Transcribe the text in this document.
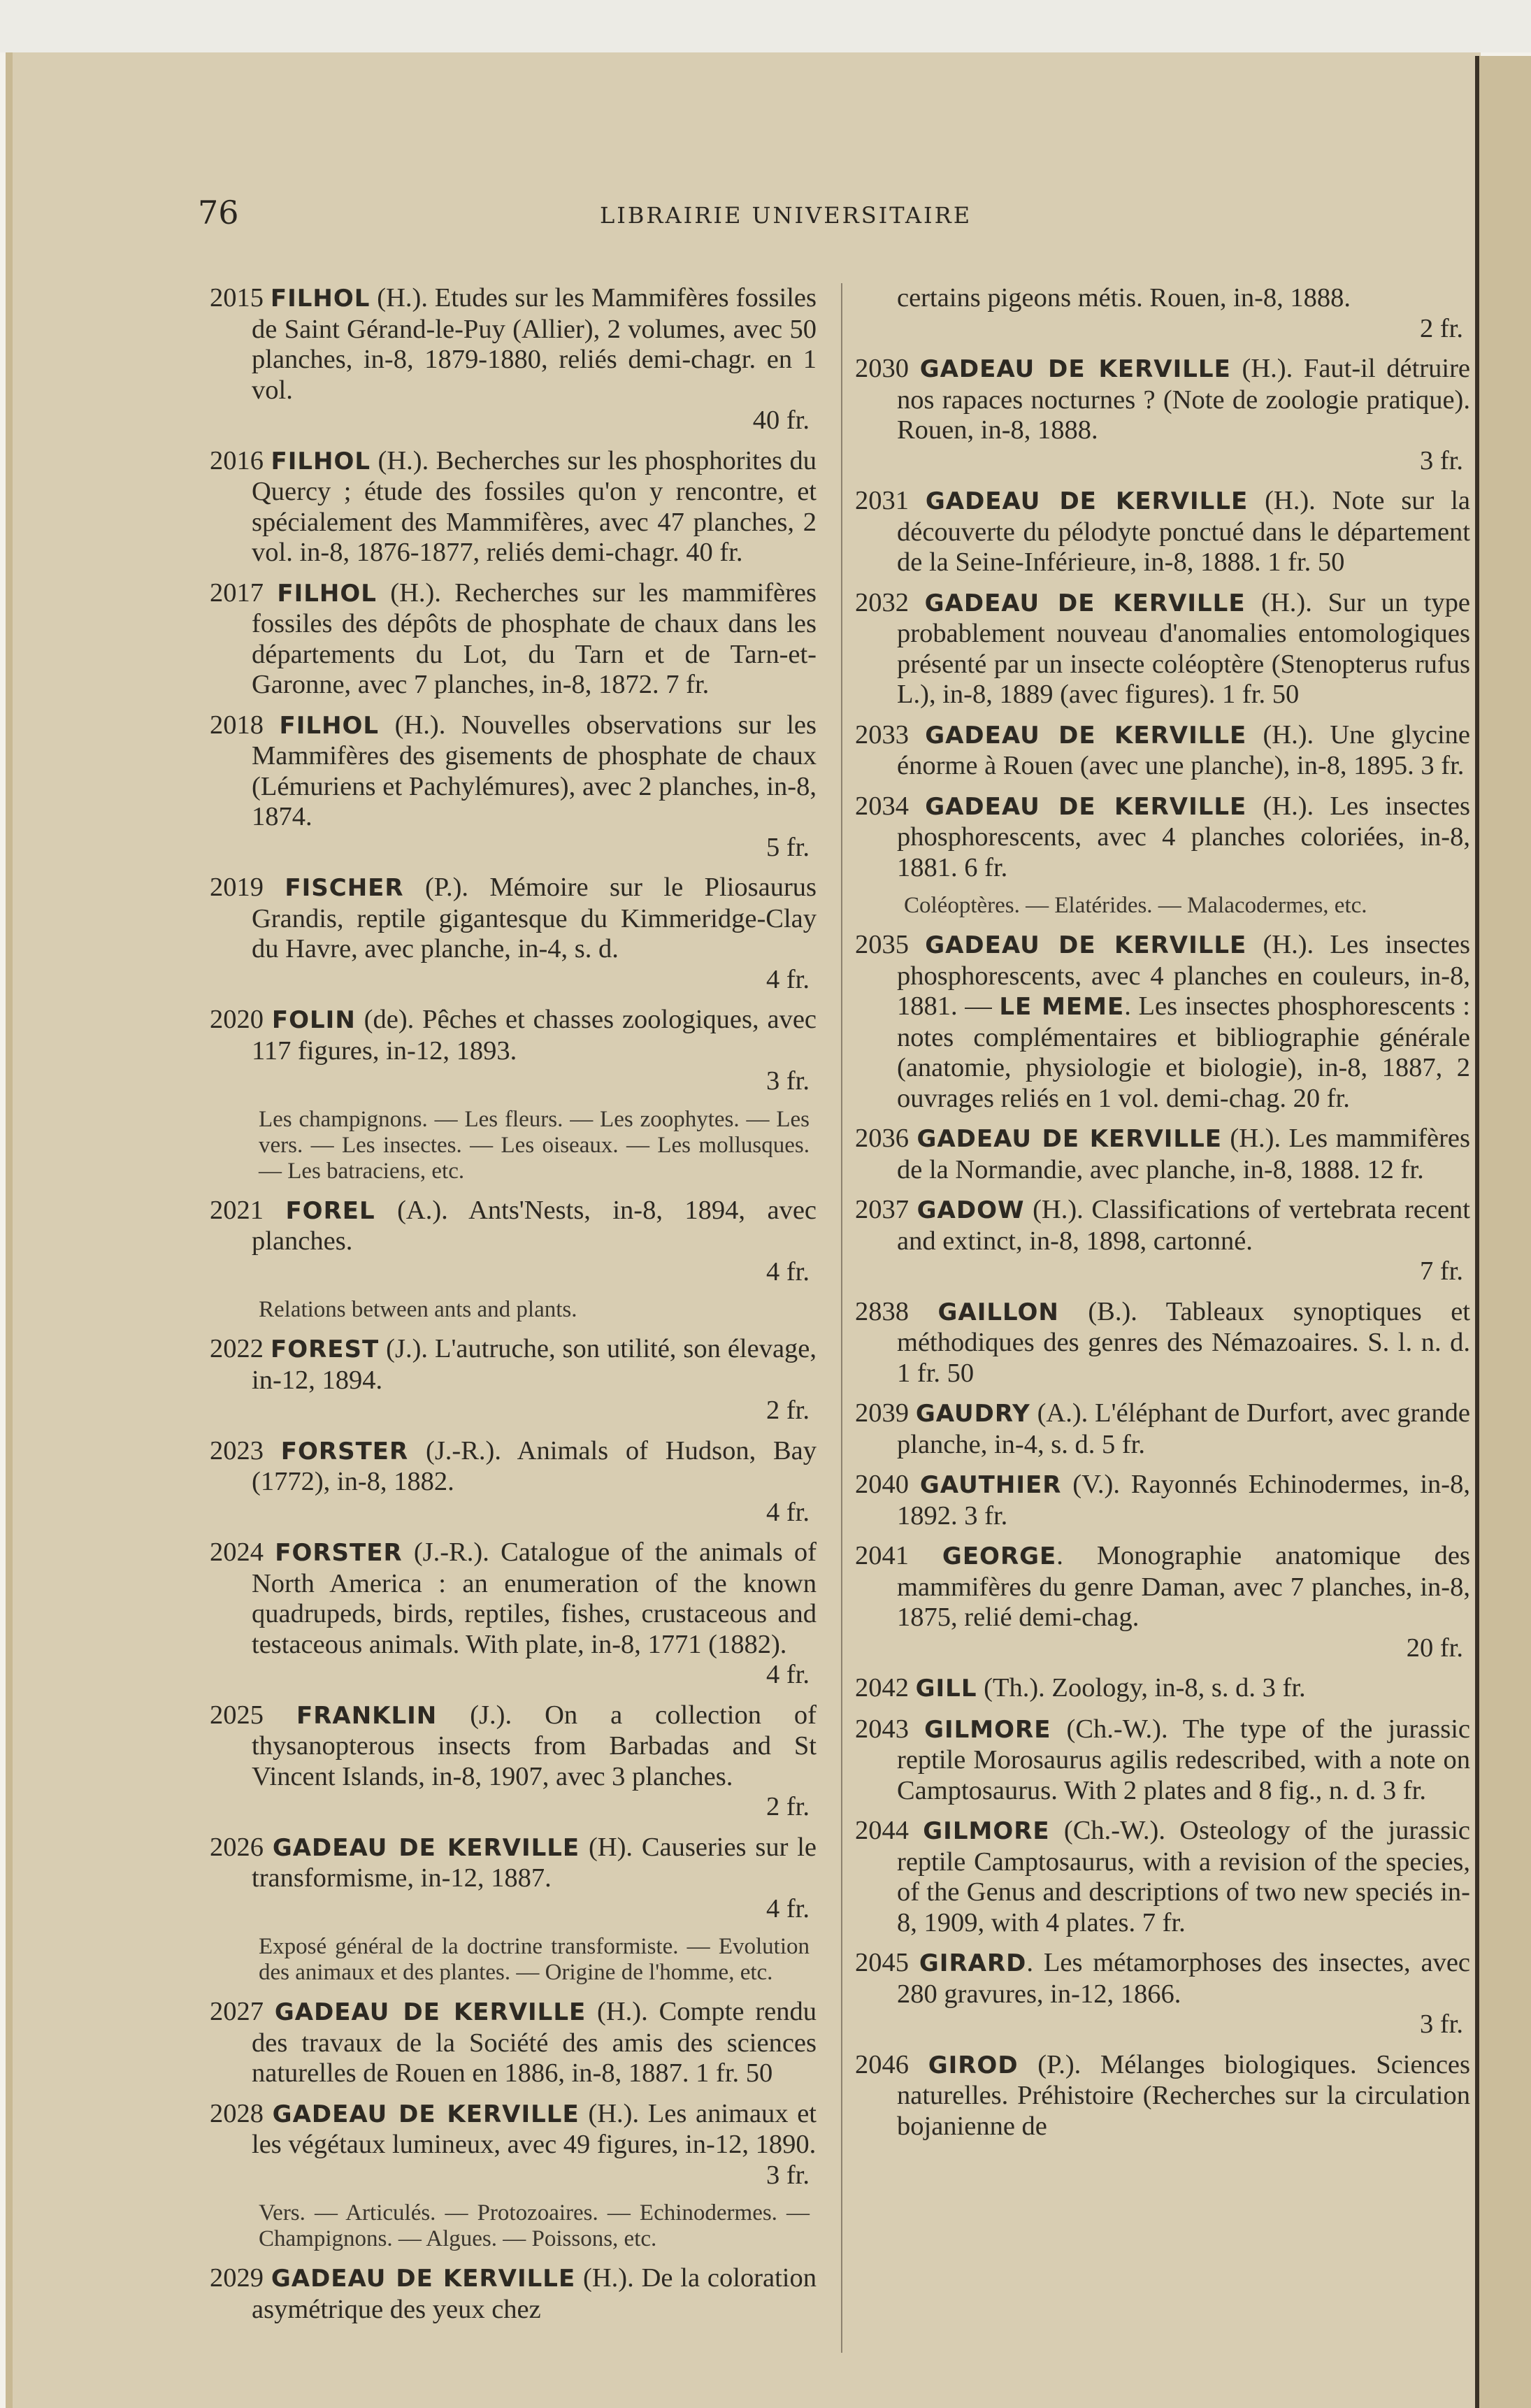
76	LIBRAIRIE UNIVERSITAIRE

2015 FILHOL (H.). Etudes sur les Mammifères fossiles de Saint Gérand-le-Puy (Allier), 2 volumes, avec 50 planches, in-8, 1879-1880, reliés demi-chagr. en 1 vol.
40 fr.

2016 FILHOL (H.). Becherches sur les phosphorites du Quercy ; étude des fossiles qu'on y rencontre, et spécialement des Mammifères, avec 47 planches, 2 vol. in-8, 1876-1877, reliés demi-chagr. 40 fr.

2017 FILHOL (H.). Recherches sur les mammifères fossiles des dépôts de phosphate de chaux dans les départements du Lot, du Tarn et de Tarn-et-Garonne, avec 7 planches, in-8, 1872. 7 fr.

2018 FILHOL (H.). Nouvelles observations sur les Mammifères des gisements de phosphate de chaux (Lémuriens et Pachylémures), avec 2 planches, in-8, 1874.
5 fr.

2019 FISCHER (P.). Mémoire sur le Pliosaurus Grandis, reptile gigantesque du Kimmeridge-Clay du Havre, avec planche, in-4, s. d.
4 fr.

2020 FOLIN (de). Pêches et chasses zoologiques, avec 117 figures, in-12, 1893.
3 fr.

Les champignons. — Les fleurs. — Les zoophytes. — Les vers. — Les insectes. — Les oiseaux. — Les mollusques. — Les batraciens, etc.

2021 FOREL (A.). Ants'Nests, in-8, 1894, avec planches.
4 fr.

Relations between ants and plants.

2022 FOREST (J.). L'autruche, son utilité, son élevage, in-12, 1894.
2 fr.

2023 FORSTER (J.-R.). Animals of Hudson, Bay (1772), in-8, 1882.
4 fr.

2024 FORSTER (J.-R.). Catalogue of the animals of North America : an enumeration of the known quadrupeds, birds, reptiles, fishes, crustaceous and testaceous animals. With plate, in-8, 1771 (1882).
4 fr.

2025 FRANKLIN (J.). On a collection of thysanopterous insects from Barbadas and St Vincent Islands, in-8, 1907, avec 3 planches.
2 fr.

2026 GADEAU DE KERVILLE (H). Causeries sur le transformisme, in-12, 1887.
4 fr.

Exposé général de la doctrine transformiste. — Evolution des animaux et des plantes. — Origine de l'homme, etc.

2027 GADEAU DE KERVILLE (H.). Compte rendu des travaux de la Société des amis des sciences naturelles de Rouen en 1886, in-8, 1887. 1 fr. 50

2028 GADEAU DE KERVILLE (H.). Les animaux et les végétaux lumineux, avec 49 figures, in-12, 1890.
3 fr.

Vers. — Articulés. — Protozoaires. — Echinodermes. — Champignons. — Algues. — Poissons, etc.

2029 GADEAU DE KERVILLE (H.). De la coloration asymétrique des yeux chez

certains pigeons métis. Rouen, in-8, 1888.
2 fr.

2030 GADEAU DE KERVILLE (H.). Faut-il détruire nos rapaces nocturnes ? (Note de zoologie pratique). Rouen, in-8, 1888.
3 fr.

2031 GADEAU DE KERVILLE (H.). Note sur la découverte du pélodyte ponctué dans le département de la Seine-Inférieure, in-8, 1888. 1 fr. 50

2032 GADEAU DE KERVILLE (H.). Sur un type probablement nouveau d'anomalies entomologiques présenté par un insecte coléoptère (Stenopterus rufus L.), in-8, 1889 (avec figures). 1 fr. 50

2033 GADEAU DE KERVILLE (H.). Une glycine énorme à Rouen (avec une planche), in-8, 1895. 3 fr.

2034 GADEAU DE KERVILLE (H.). Les insectes phosphorescents, avec 4 planches coloriées, in-8, 1881. 6 fr.

Coléoptères. — Elatérides. — Malacodermes, etc.

2035 GADEAU DE KERVILLE (H.). Les insectes phosphorescents, avec 4 planches en couleurs, in-8, 1881. — LE MEME. Les insectes phosphorescents : notes complémentaires et bibliographie générale (anatomie, physiologie et biologie), in-8, 1887, 2 ouvrages reliés en 1 vol. demi-chag. 20 fr.

2036 GADEAU DE KERVILLE (H.). Les mammifères de la Normandie, avec planche, in-8, 1888. 12 fr.

2037 GADOW (H.). Classifications of vertebrata recent and extinct, in-8, 1898, cartonné.
7 fr.

2838 GAILLON (B.). Tableaux synoptiques et méthodiques des genres des Némazoaires. S. l. n. d. 1 fr. 50

2039 GAUDRY (A.). L'éléphant de Durfort, avec grande planche, in-4, s. d. 5 fr.

2040 GAUTHIER (V.). Rayonnés Echinodermes, in-8, 1892. 3 fr.

2041 GEORGE. Monographie anatomique des mammifères du genre Daman, avec 7 planches, in-8, 1875, relié demi-chag.
20 fr.

2042 GILL (Th.). Zoology, in-8, s. d. 3 fr.

2043 GILMORE (Ch.-W.). The type of the jurassic reptile Morosaurus agilis redescribed, with a note on Camptosaurus. With 2 plates and 8 fig., n. d. 3 fr.

2044 GILMORE (Ch.-W.). Osteology of the jurassic reptile Camptosaurus, with a revision of the species, of the Genus and descriptions of two new speciés in-8, 1909, with 4 plates. 7 fr.

2045 GIRARD. Les métamorphoses des insectes, avec 280 gravures, in-12, 1866.
3 fr.

2046 GIROD (P.). Mélanges biologiques. Sciences naturelles. Préhistoire (Recherches sur la circulation bojanienne de
